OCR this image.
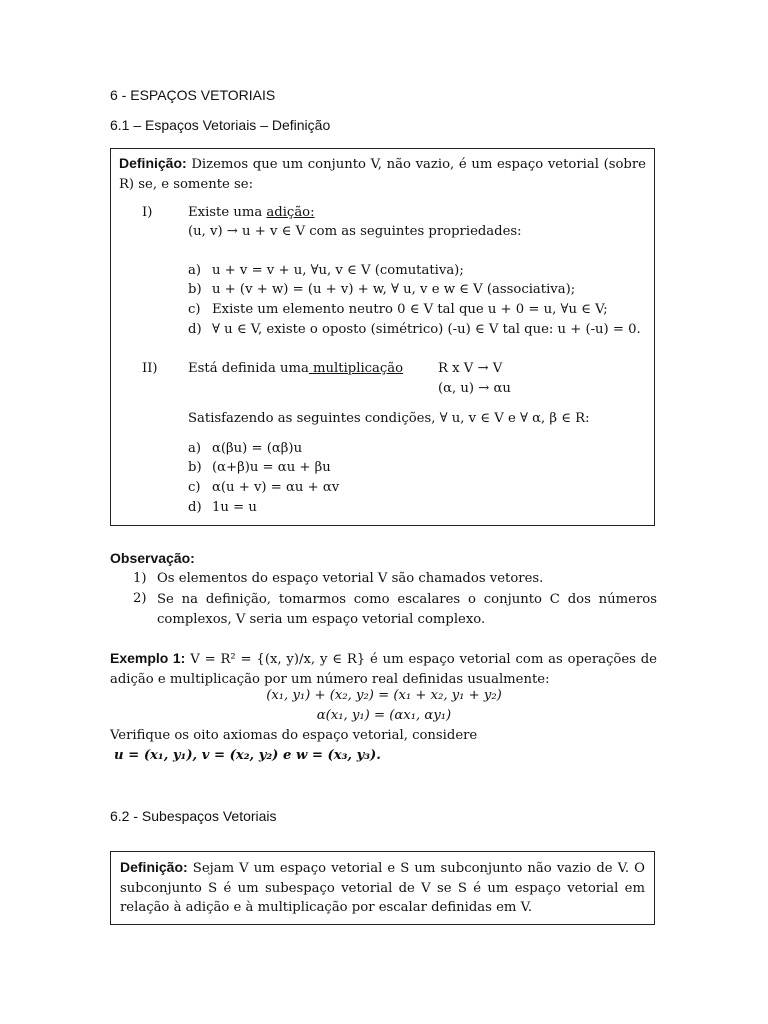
6 - ESPAÇOS VETORIAIS
6.1 – Espaços Vetoriais – Definição
Definição: Dizemos que um conjunto V, não vazio, é um espaço vetorial (sobre R) se, e somente se:
I)	Existe uma adição:
(u, v) → u + v ∈ V com as seguintes propriedades:
a) u + v = v + u, ∀u, v ∈ V (comutativa);
b) u + (v + w) = (u + v) + w, ∀ u, v e w ∈ V (associativa);
c) Existe um elemento neutro 0 ∈ V tal que u + 0 = u, ∀u ∈ V;
d) ∀ u ∈ V, existe o oposto (simétrico) (-u) ∈ V tal que: u + (-u) = 0.
II) Está definida uma multiplicação	R x V → V
(α, u) → αu
Satisfazendo as seguintes condições, ∀ u, v ∈ V e ∀ α, β ∈ R:
a) α(βu) = (αβ)u
b) (α+β)u = αu + βu
c) α(u + v) = αu + αv
d) 1u = u
Observação:
1) Os elementos do espaço vetorial V são chamados vetores.
2) Se na definição, tomarmos como escalares o conjunto C dos números complexos, V seria um espaço vetorial complexo.
Exemplo 1: V = R² = {(x, y)/x, y ∈ R} é um espaço vetorial com as operações de adição e multiplicação por um número real definidas usualmente:
(x₁, y₁) + (x₂, y₂) = (x₁ + x₂, y₁ + y₂)
α(x₁, y₁) = (αx₁, αy₁)
Verifique os oito axiomas do espaço vetorial, considere
u = (x₁, y₁), v = (x₂, y₂) e w = (x₃, y₃).
6.2 - Subespaços Vetoriais
Definição: Sejam V um espaço vetorial e S um subconjunto não vazio de V. O subconjunto S é um subespaço vetorial de V se S é um espaço vetorial em relação à adição e à multiplicação por escalar definidas em V.
